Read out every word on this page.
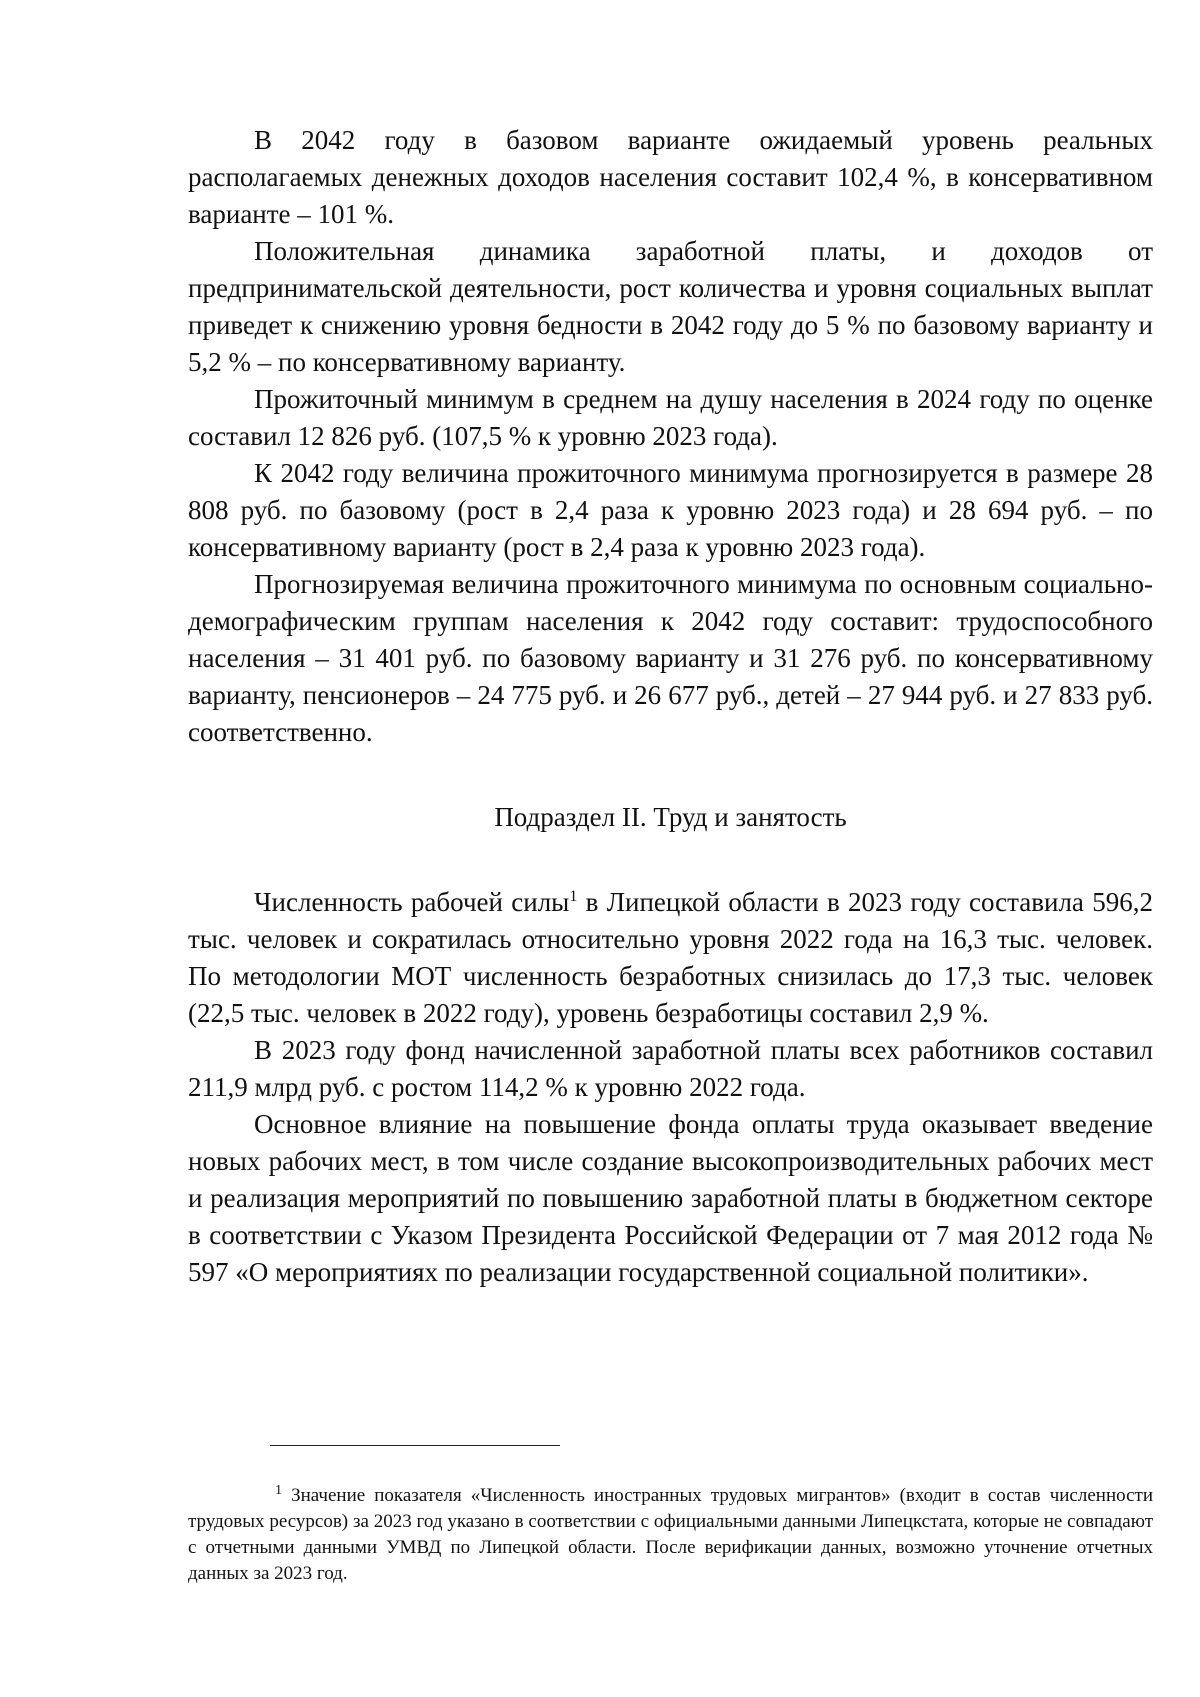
В 2042 году в базовом варианте ожидаемый уровень реальных располагаемых денежных доходов населения составит 102,4 %, в консервативном варианте – 101 %.

Положительная динамика заработной платы, и доходов от предпринимательской деятельности, рост количества и уровня социальных выплат приведет к снижению уровня бедности в 2042 году до 5 % по базовому варианту и 5,2 % – по консервативному варианту.

Прожиточный минимум в среднем на душу населения в 2024 году по оценке составил 12 826 руб. (107,5 % к уровню 2023 года).

К 2042 году величина прожиточного минимума прогнозируется в размере 28 808 руб. по базовому (рост в 2,4 раза к уровню 2023 года) и 28 694 руб. – по консервативному варианту (рост в 2,4 раза к уровню 2023 года).

Прогнозируемая величина прожиточного минимума по основным социально-демографическим группам населения к 2042 году составит: трудоспособного населения – 31 401 руб. по базовому варианту и 31 276 руб. по консервативному варианту, пенсионеров – 24 775 руб. и 26 677 руб., детей – 27 944 руб. и 27 833 руб. соответственно.

Подраздел II. Труд и занятость

Численность рабочей силы$^1$ в Липецкой области в 2023 году составила 596,2 тыс. человек и сократилась относительно уровня 2022 года на 16,3 тыс. человек. По методологии МОТ численность безработных снизилась до 17,3 тыс. человек (22,5 тыс. человек в 2022 году), уровень безработицы составил 2,9 %.

В 2023 году фонд начисленной заработной платы всех работников составил 211,9 млрд руб. с ростом 114,2 % к уровню 2022 года.

Основное влияние на повышение фонда оплаты труда оказывает введение новых рабочих мест, в том числе создание высокопроизводительных рабочих мест и реализация мероприятий по повышению заработной платы в бюджетном секторе в соответствии с Указом Президента Российской Федерации от 7 мая 2012 года № 597 «О мероприятиях по реализации государственной социальной политики».

$^1$ Значение показателя «Численность иностранных трудовых мигрантов» (входит в состав численности трудовых ресурсов) за 2023 год указано в соответствии с официальными данными Липецкстата, которые не совпадают с отчетными данными УМВД по Липецкой области. После верификации данных, возможно уточнение отчетных данных за 2023 год.
